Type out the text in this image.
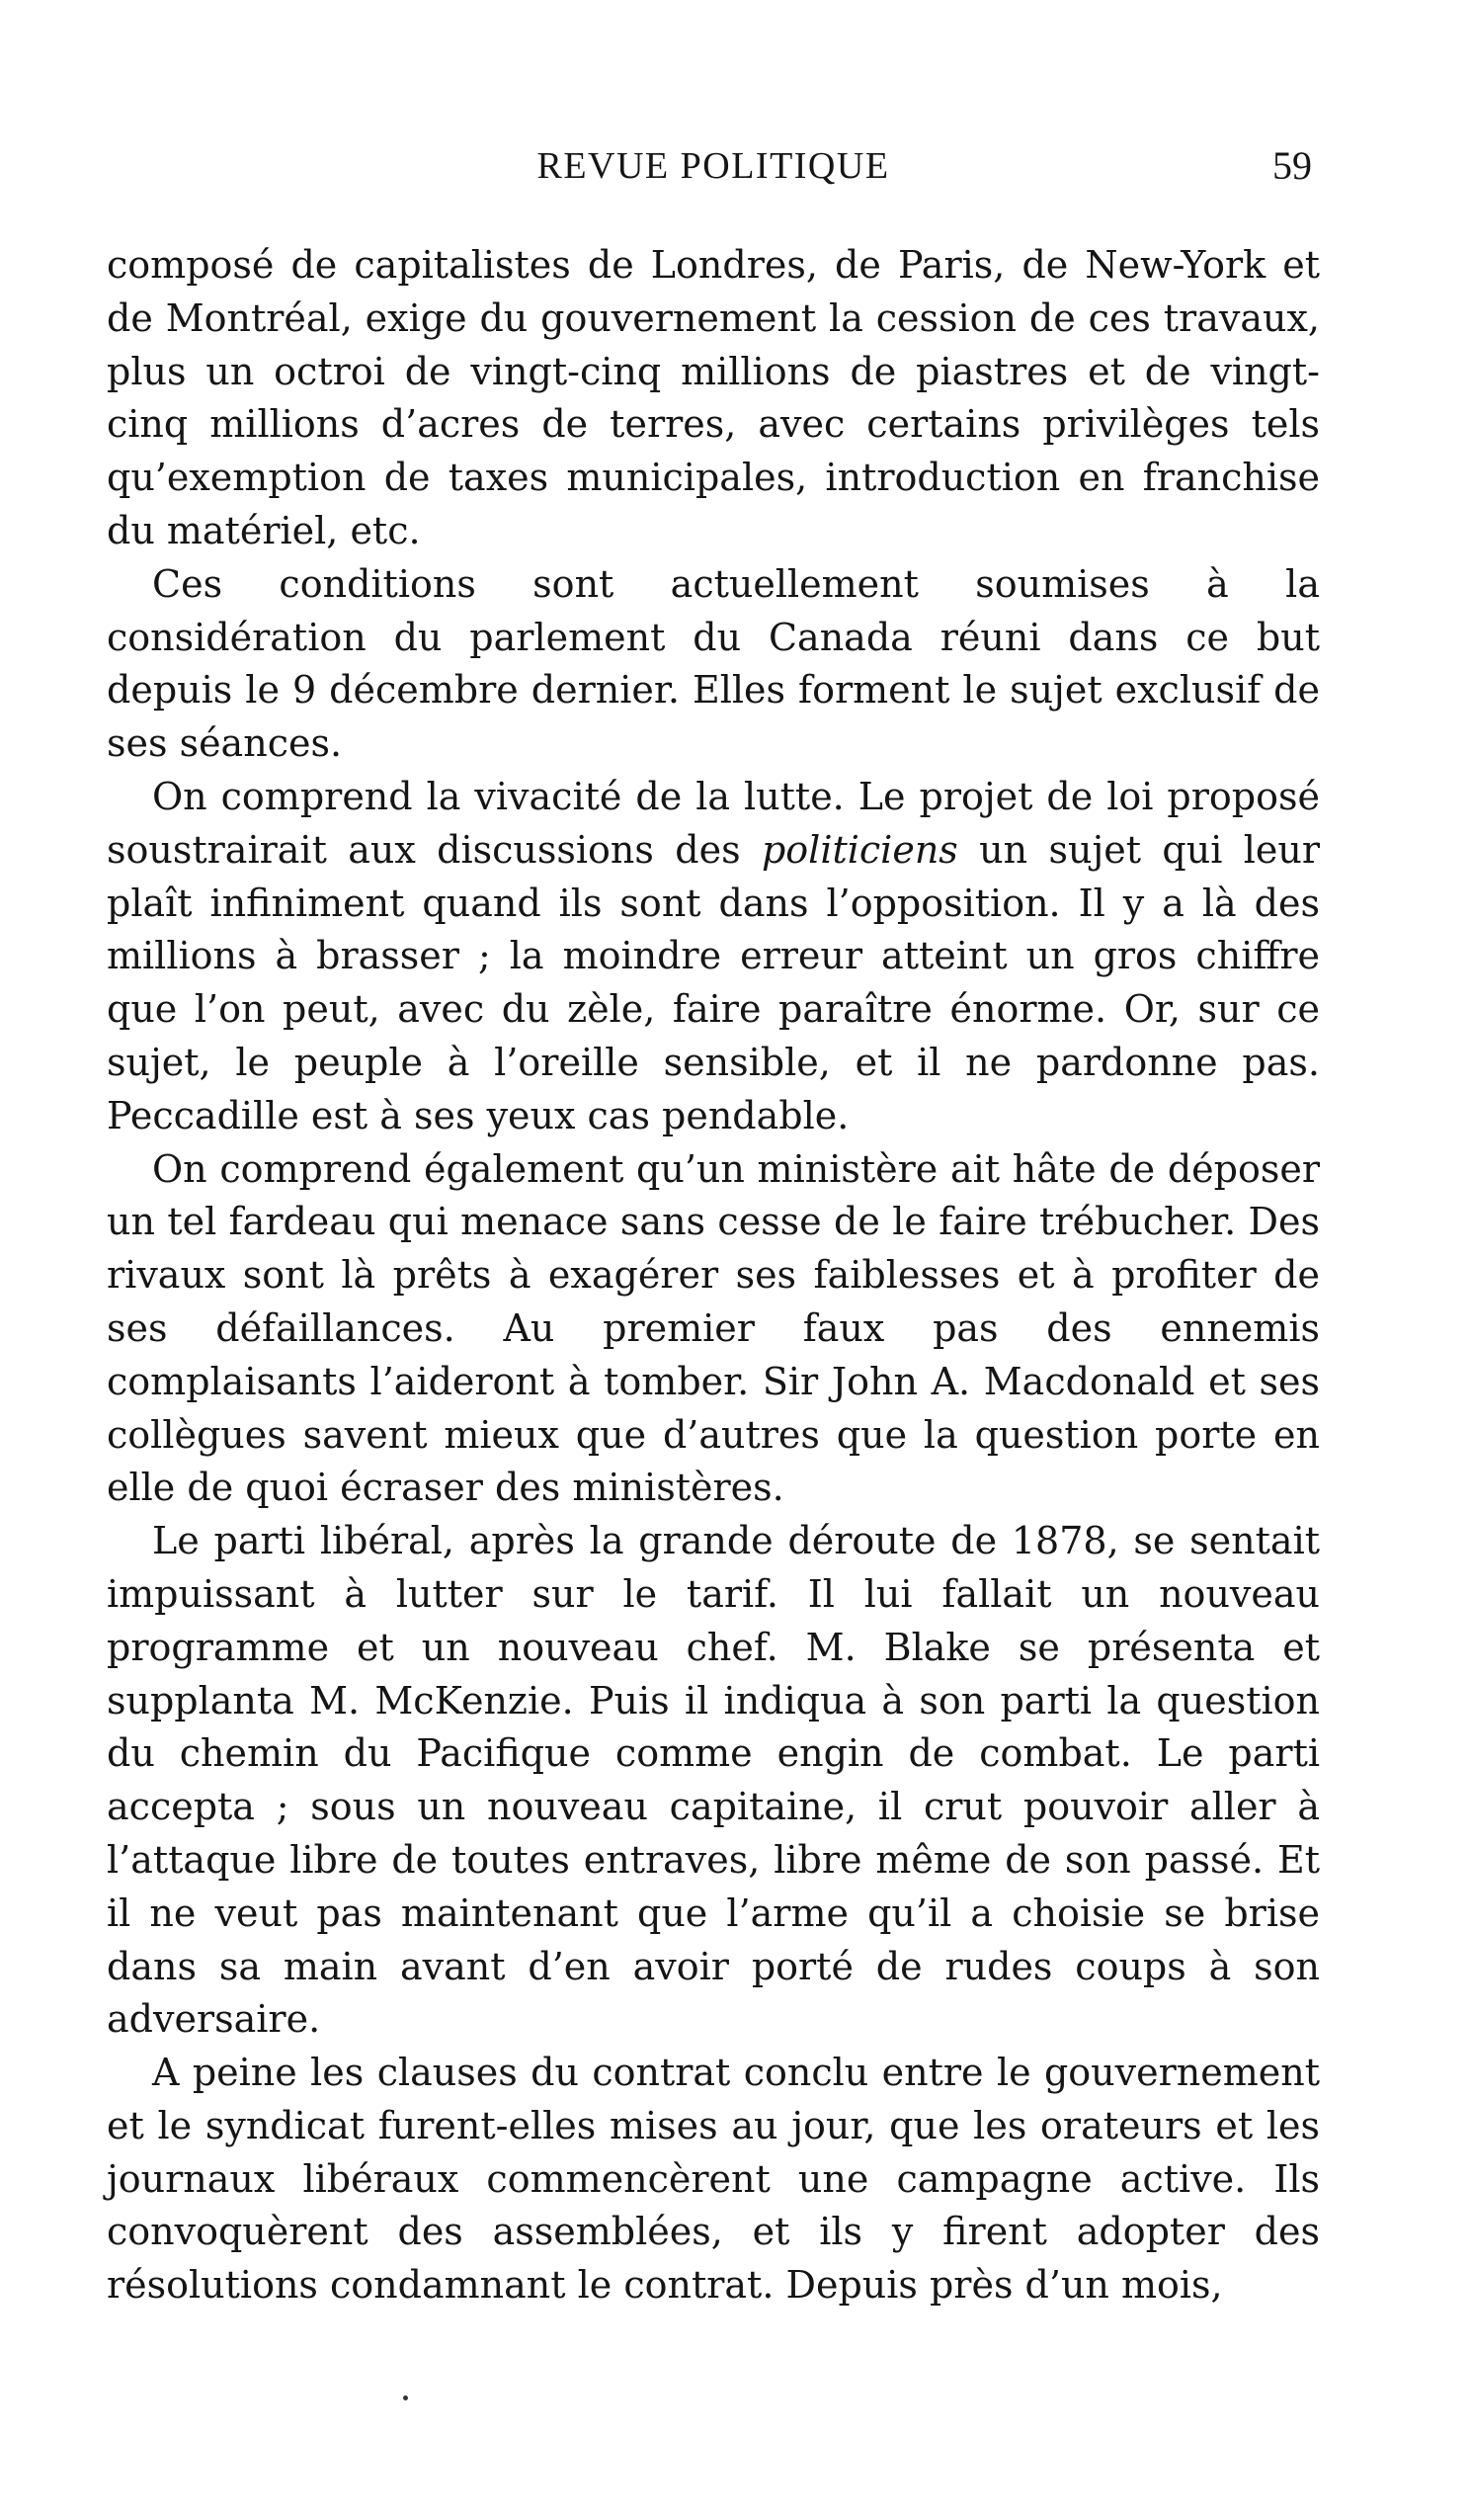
REVUE POLITIQUE	59

composé de capitalistes de Londres, de Paris, de New-York et de Montréal, exige du gouvernement la cession de ces travaux, plus un octroi de vingt-cinq millions de piastres et de vingt-cinq millions d’acres de terres, avec certains privilèges tels qu’exemption de taxes municipales, introduction en franchise du matériel, etc.

Ces conditions sont actuellement soumises à la considération du parlement du Canada réuni dans ce but depuis le 9 décembre dernier. Elles forment le sujet exclusif de ses séances.

On comprend la vivacité de la lutte. Le projet de loi proposé soustrairait aux discussions des politiciens un sujet qui leur plaît infiniment quand ils sont dans l’opposition. Il y a là des millions à brasser ; la moindre erreur atteint un gros chiffre que l’on peut, avec du zèle, faire paraître énorme. Or, sur ce sujet, le peuple à l’oreille sensible, et il ne pardonne pas. Peccadille est à ses yeux cas pendable.

On comprend également qu’un ministère ait hâte de déposer un tel fardeau qui menace sans cesse de le faire trébucher. Des rivaux sont là prêts à exagérer ses faiblesses et à profiter de ses défaillances. Au premier faux pas des ennemis complaisants l’aideront à tomber. Sir John A. Macdonald et ses collègues savent mieux que d’autres que la question porte en elle de quoi écraser des ministères.

Le parti libéral, après la grande déroute de 1878, se sentait impuissant à lutter sur le tarif. Il lui fallait un nouveau programme et un nouveau chef. M. Blake se présenta et supplanta M. McKenzie. Puis il indiqua à son parti la question du chemin du Pacifique comme engin de combat. Le parti accepta ; sous un nouveau capitaine, il crut pouvoir aller à l’attaque libre de toutes entraves, libre même de son passé. Et il ne veut pas maintenant que l’arme qu’il a choisie se brise dans sa main avant d’en avoir porté de rudes coups à son adversaire.

A peine les clauses du contrat conclu entre le gouvernement et le syndicat furent-elles mises au jour, que les orateurs et les journaux libéraux commencèrent une campagne active. Ils convoquèrent des assemblées, et ils y firent adopter des résolutions condamnant le contrat. Depuis près d’un mois,
